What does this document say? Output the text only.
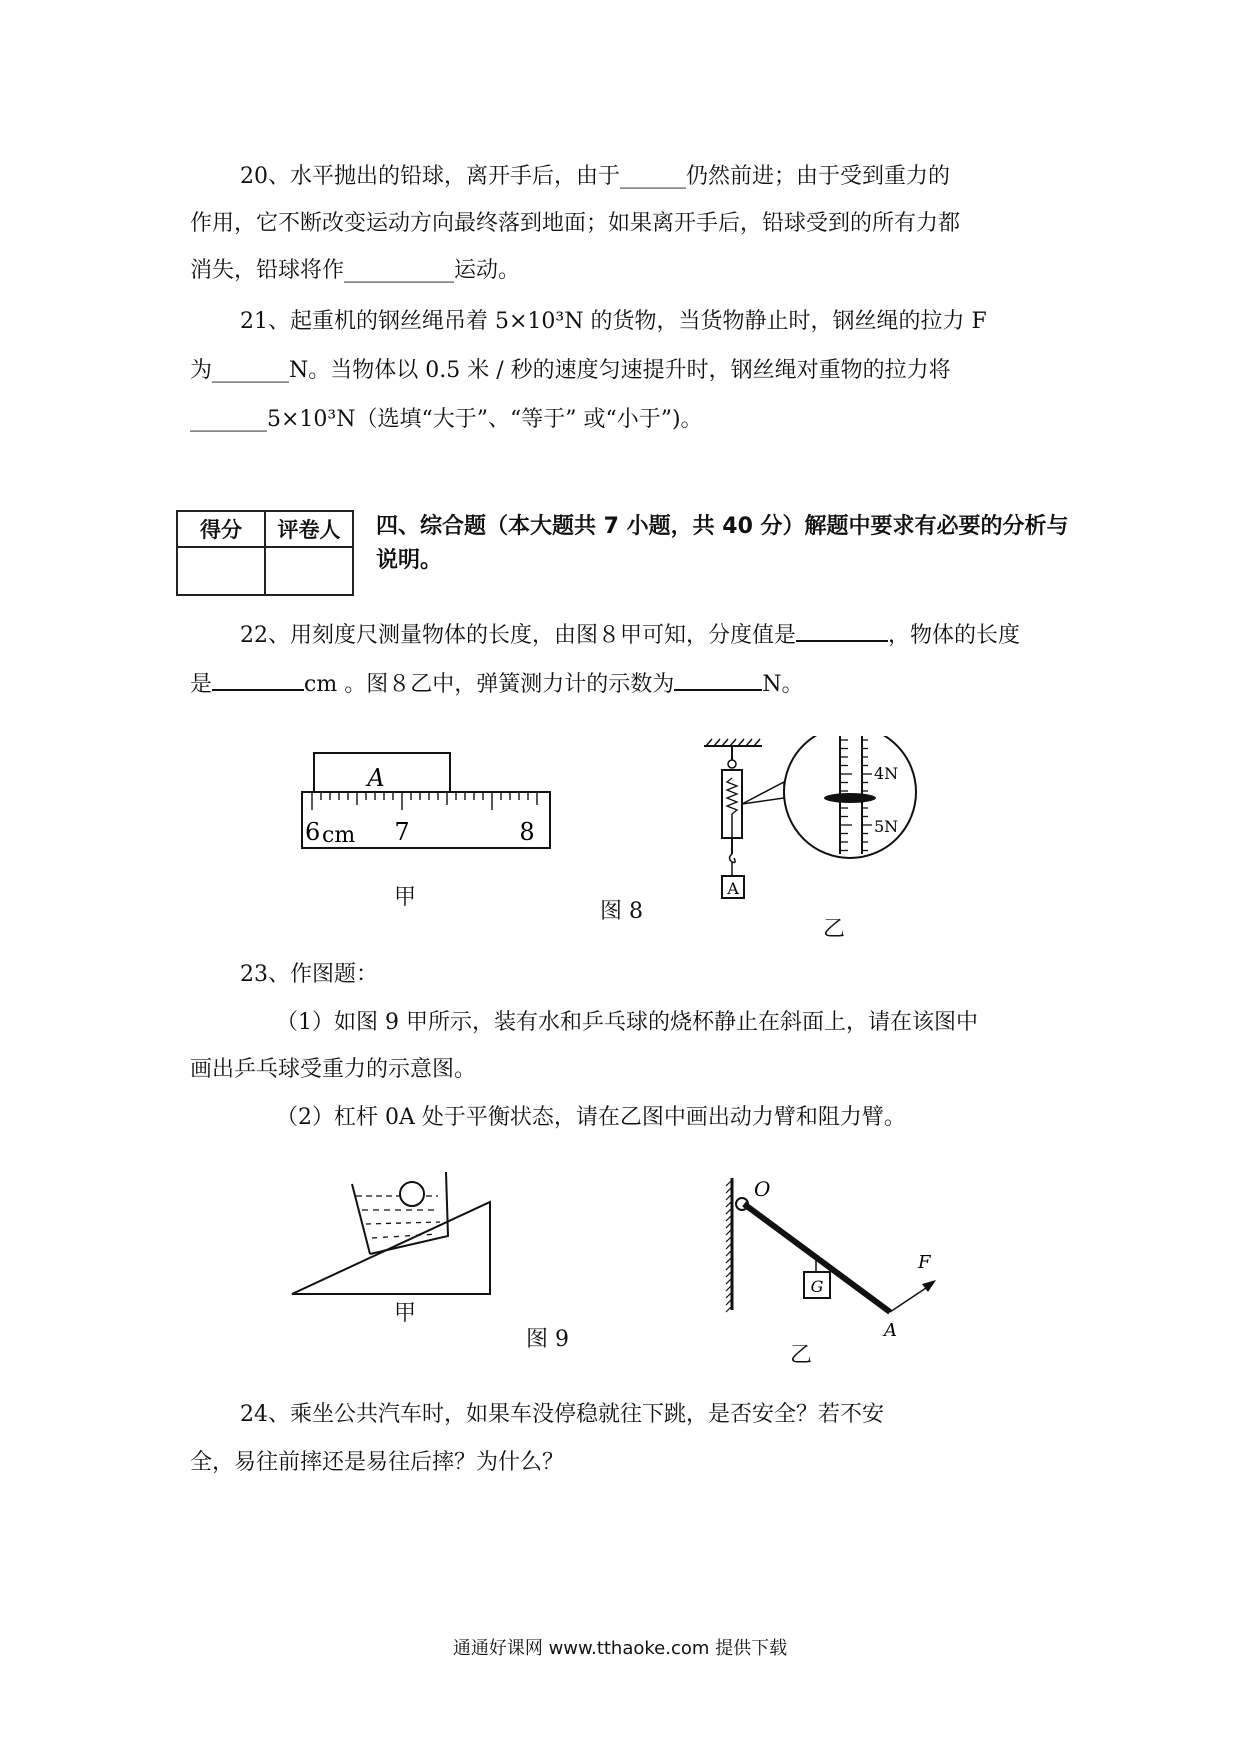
20、水平抛出的铅球，离开手后，由于______仍然前进；由于受到重力的
作用，它不断改变运动方向最终落到地面；如果离开手后，铅球受到的所有力都
消失，铅球将作__________运动。
21、起重机的钢丝绳吊着 5×10³N 的货物，当货物静止时，钢丝绳的拉力 F
为_______N。当物体以 0.5 米 / 秒的速度匀速提升时，钢丝绳对重物的拉力将
_______5×10³N（选填“大于”、“等于” 或“小于”)。
得分	评卷人
	四、综合题（本大题共 7 小题，共 40 分）解题中要求有必要的分析与
说明。
22、用刻度尺测量物体的长度，由图８甲可知，分度值是	，物体的长度
是	cm 。图８乙中，弹簧测力计的示数为	N。
A
6 cm 7	8
甲	A
4N
5N
图 8
乙
23、作图题：
（1）如图 9 甲所示，装有水和乒乓球的烧杯静止在斜面上，请在该图中
画出乒乓球受重力的示意图。
（2）杠杆 0A 处于平衡状态，请在乙图中画出动力臂和阻力臂。
甲
图 9
G
O
F
A
乙
24、乘坐公共汽车时，如果车没停稳就往下跳，是否安全？若不安
全，易往前摔还是易往后摔？为什么？
通通好课网 www.tthaoke.com 提供下载
